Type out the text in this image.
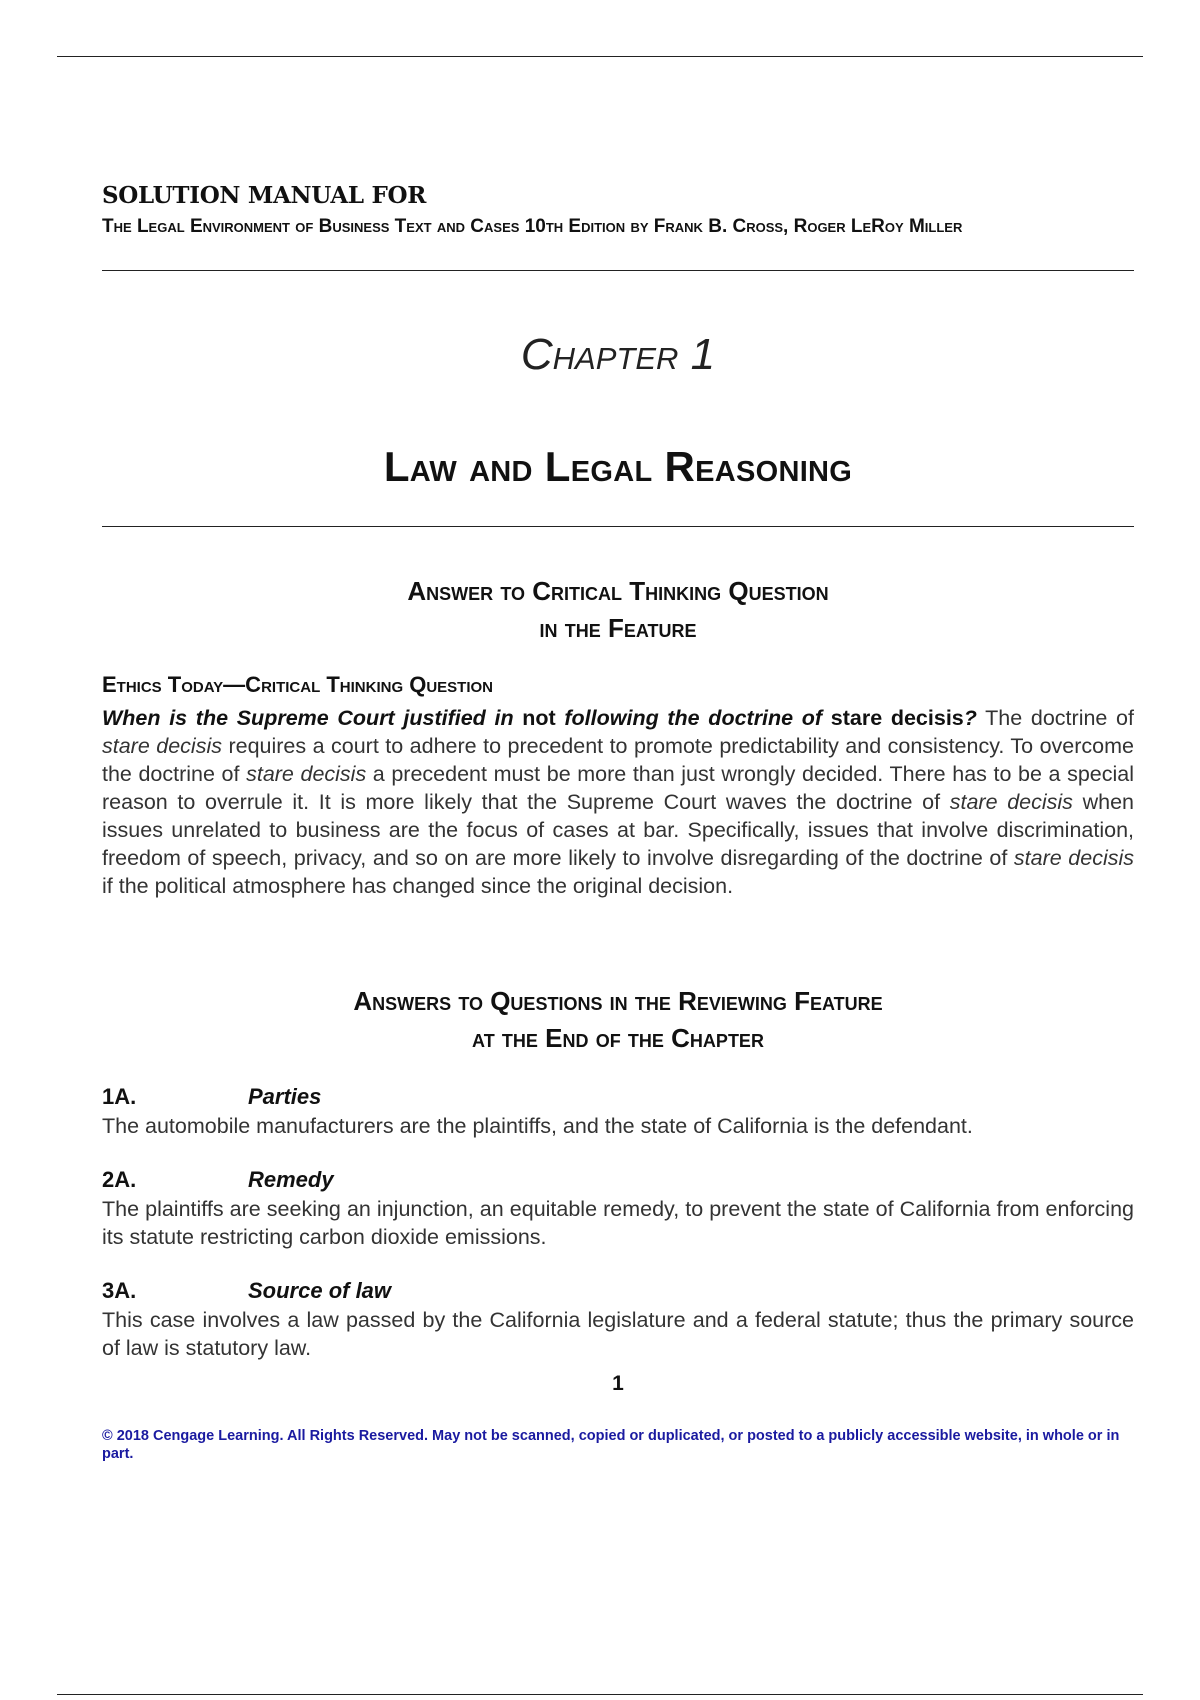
SOLUTION MANUAL FOR
The Legal Environment of Business Text and Cases 10th Edition by Frank B. Cross, Roger LeRoy Miller
Chapter 1
Law and Legal Reasoning
Answer to Critical Thinking Question
in the Feature
Ethics Today—Critical Thinking Question
When is the Supreme Court justified in not following the doctrine of stare decisis? The doctrine of stare decisis requires a court to adhere to precedent to promote predictability and consistency. To overcome the doctrine of stare decisis a precedent must be more than just wrongly decided. There has to be a special reason to overrule it. It is more likely that the Supreme Court waves the doctrine of stare decisis when issues unrelated to business are the focus of cases at bar. Specifically, issues that involve discrimination, freedom of speech, privacy, and so on are more likely to involve disregarding of the doctrine of stare decisis if the political atmosphere has changed since the original decision.
Answers to Questions in the Reviewing Feature
at the End of the Chapter
1A.	Parties
The automobile manufacturers are the plaintiffs, and the state of California is the defendant.
2A.	Remedy
The plaintiffs are seeking an injunction, an equitable remedy, to prevent the state of California from enforcing its statute restricting carbon dioxide emissions.
3A.	Source of law
This case involves a law passed by the California legislature and a federal statute; thus the primary source of law is statutory law.
1
© 2018 Cengage Learning. All Rights Reserved. May not be scanned, copied or duplicated, or posted to a publicly accessible website, in whole or in part.
